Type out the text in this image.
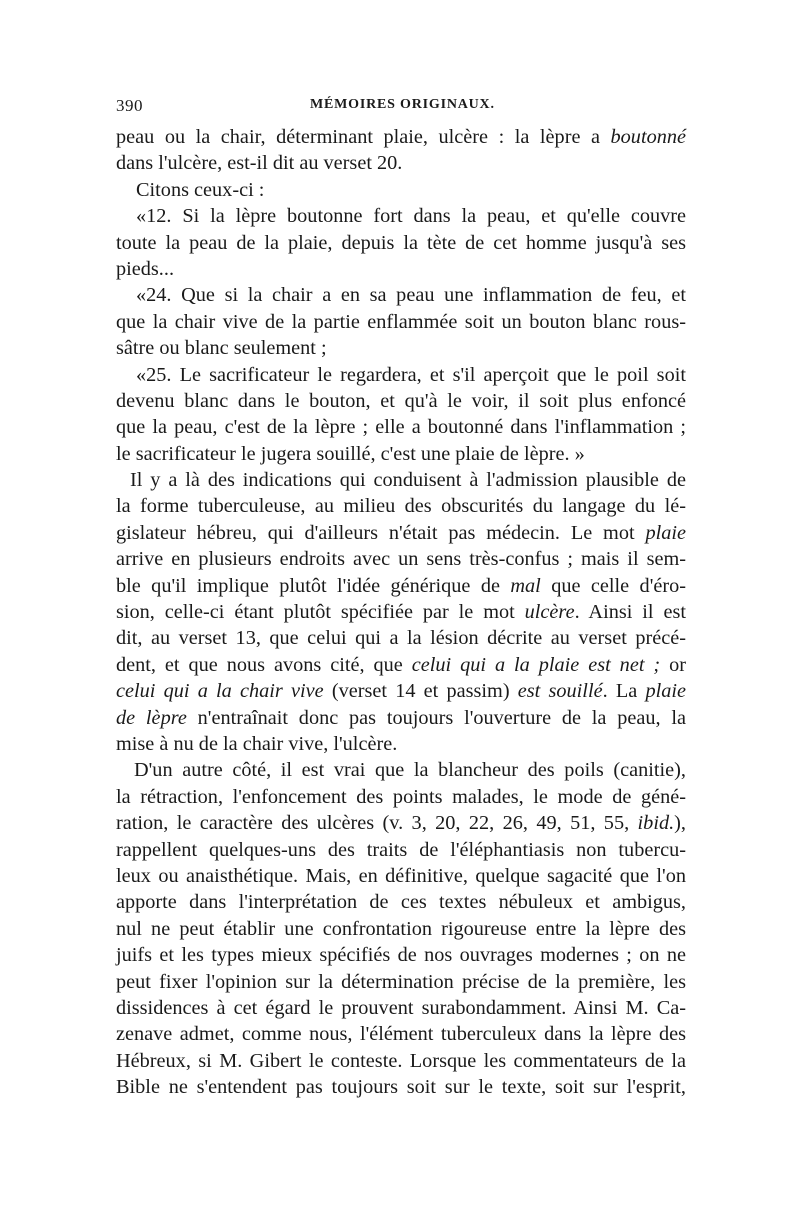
390	MÉMOIRES ORIGINAUX.
peau ou la chair, déterminant plaie, ulcère : la lèpre a boutonné
dans l'ulcère, est-il dit au verset 20.
Citons ceux-ci :
«12. Si la lèpre boutonne fort dans la peau, et qu'elle couvre
toute la peau de la plaie, depuis la tète de cet homme jusqu'à ses
pieds...
«24. Que si la chair a en sa peau une inflammation de feu, et
que la chair vive de la partie enflammée soit un bouton blanc rous-
sâtre ou blanc seulement ;
«25. Le sacrificateur le regardera, et s'il aperçoit que le poil soit
devenu blanc dans le bouton, et qu'à le voir, il soit plus enfoncé
que la peau, c'est de la lèpre ; elle a boutonné dans l'inflammation ;
le sacrificateur le jugera souillé, c'est une plaie de lèpre. »
Il y a là des indications qui conduisent à l'admission plausible de
la forme tuberculeuse, au milieu des obscurités du langage du lé-
gislateur hébreu, qui d'ailleurs n'était pas médecin. Le mot plaie
arrive en plusieurs endroits avec un sens très-confus ; mais il sem-
ble qu'il implique plutôt l'idée générique de mal que celle d'éro-
sion, celle-ci étant plutôt spécifiée par le mot ulcère. Ainsi il est
dit, au verset 13, que celui qui a la lésion décrite au verset précé-
dent, et que nous avons cité, que celui qui a la plaie est net ; or
celui qui a la chair vive (verset 14 et passim) est souillé. La plaie
de lèpre n'entraînait donc pas toujours l'ouverture de la peau, la
mise à nu de la chair vive, l'ulcère.
D'un autre côté, il est vrai que la blancheur des poils (canitie),
la rétraction, l'enfoncement des points malades, le mode de géné-
ration, le caractère des ulcères (v. 3, 20, 22, 26, 49, 51, 55, ibid.),
rappellent quelques-uns des traits de l'éléphantiasis non tubercu-
leux ou anaisthétique. Mais, en définitive, quelque sagacité que l'on
apporte dans l'interprétation de ces textes nébuleux et ambigus,
nul ne peut établir une confrontation rigoureuse entre la lèpre des
juifs et les types mieux spécifiés de nos ouvrages modernes ; on ne
peut fixer l'opinion sur la détermination précise de la première, les
dissidences à cet égard le prouvent surabondamment. Ainsi M. Ca-
zenave admet, comme nous, l'élément tuberculeux dans la lèpre des
Hébreux, si M. Gibert le conteste. Lorsque les commentateurs de la
Bible ne s'entendent pas toujours soit sur le texte, soit sur l'esprit,
